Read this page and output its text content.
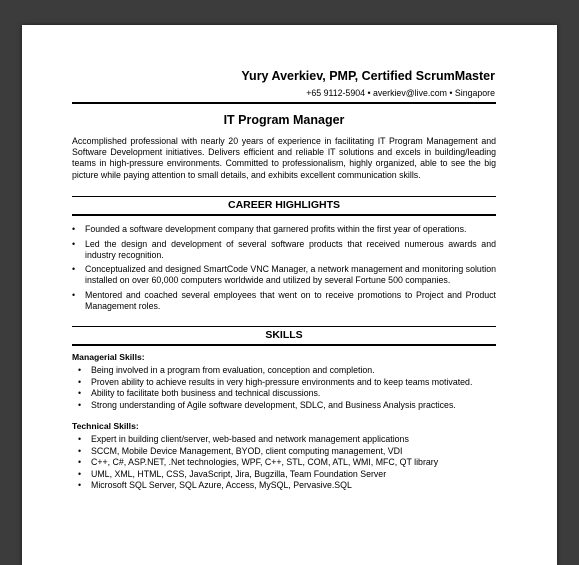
Yury Averkiev, PMP, Certified ScrumMaster
+65 9112-5904 • averkiev@live.com • Singapore
IT Program Manager
Accomplished professional with nearly 20 years of experience in facilitating IT Program Management and Software Development initiatives. Delivers efficient and reliable IT solutions and excels in building/leading teams in high-pressure environments. Committed to professionalism, highly organized, able to see the big picture while paying attention to small details, and exhibits excellent communication skills.
CAREER HIGHLIGHTS
• Founded a software development company that garnered profits within the first year of operations.
• Led the design and development of several software products that received numerous awards and industry recognition.
• Conceptualized and designed SmartCode VNC Manager, a network management and monitoring solution installed on over 60,000 computers worldwide and utilized by several Fortune 500 companies.
• Mentored and coached several employees that went on to receive promotions to Project and Product Management roles.
SKILLS
Managerial Skills:
• Being involved in a program from evaluation, conception and completion.
• Proven ability to achieve results in very high-pressure environments and to keep teams motivated.
• Ability to facilitate both business and technical discussions.
• Strong understanding of Agile software development, SDLC, and Business Analysis practices.
Technical Skills:
• Expert in building client/server, web-based and network management applications
• SCCM, Mobile Device Management, BYOD, client computing management, VDI
• C++, C#, ASP.NET, .Net technologies, WPF, C++, STL, COM, ATL, WMI, MFC, QT library
• UML, XML, HTML, CSS, JavaScript, Jira, Bugzilla, Team Foundation Server
• Microsoft SQL Server, SQL Azure, Access, MySQL, Pervasive.SQL
